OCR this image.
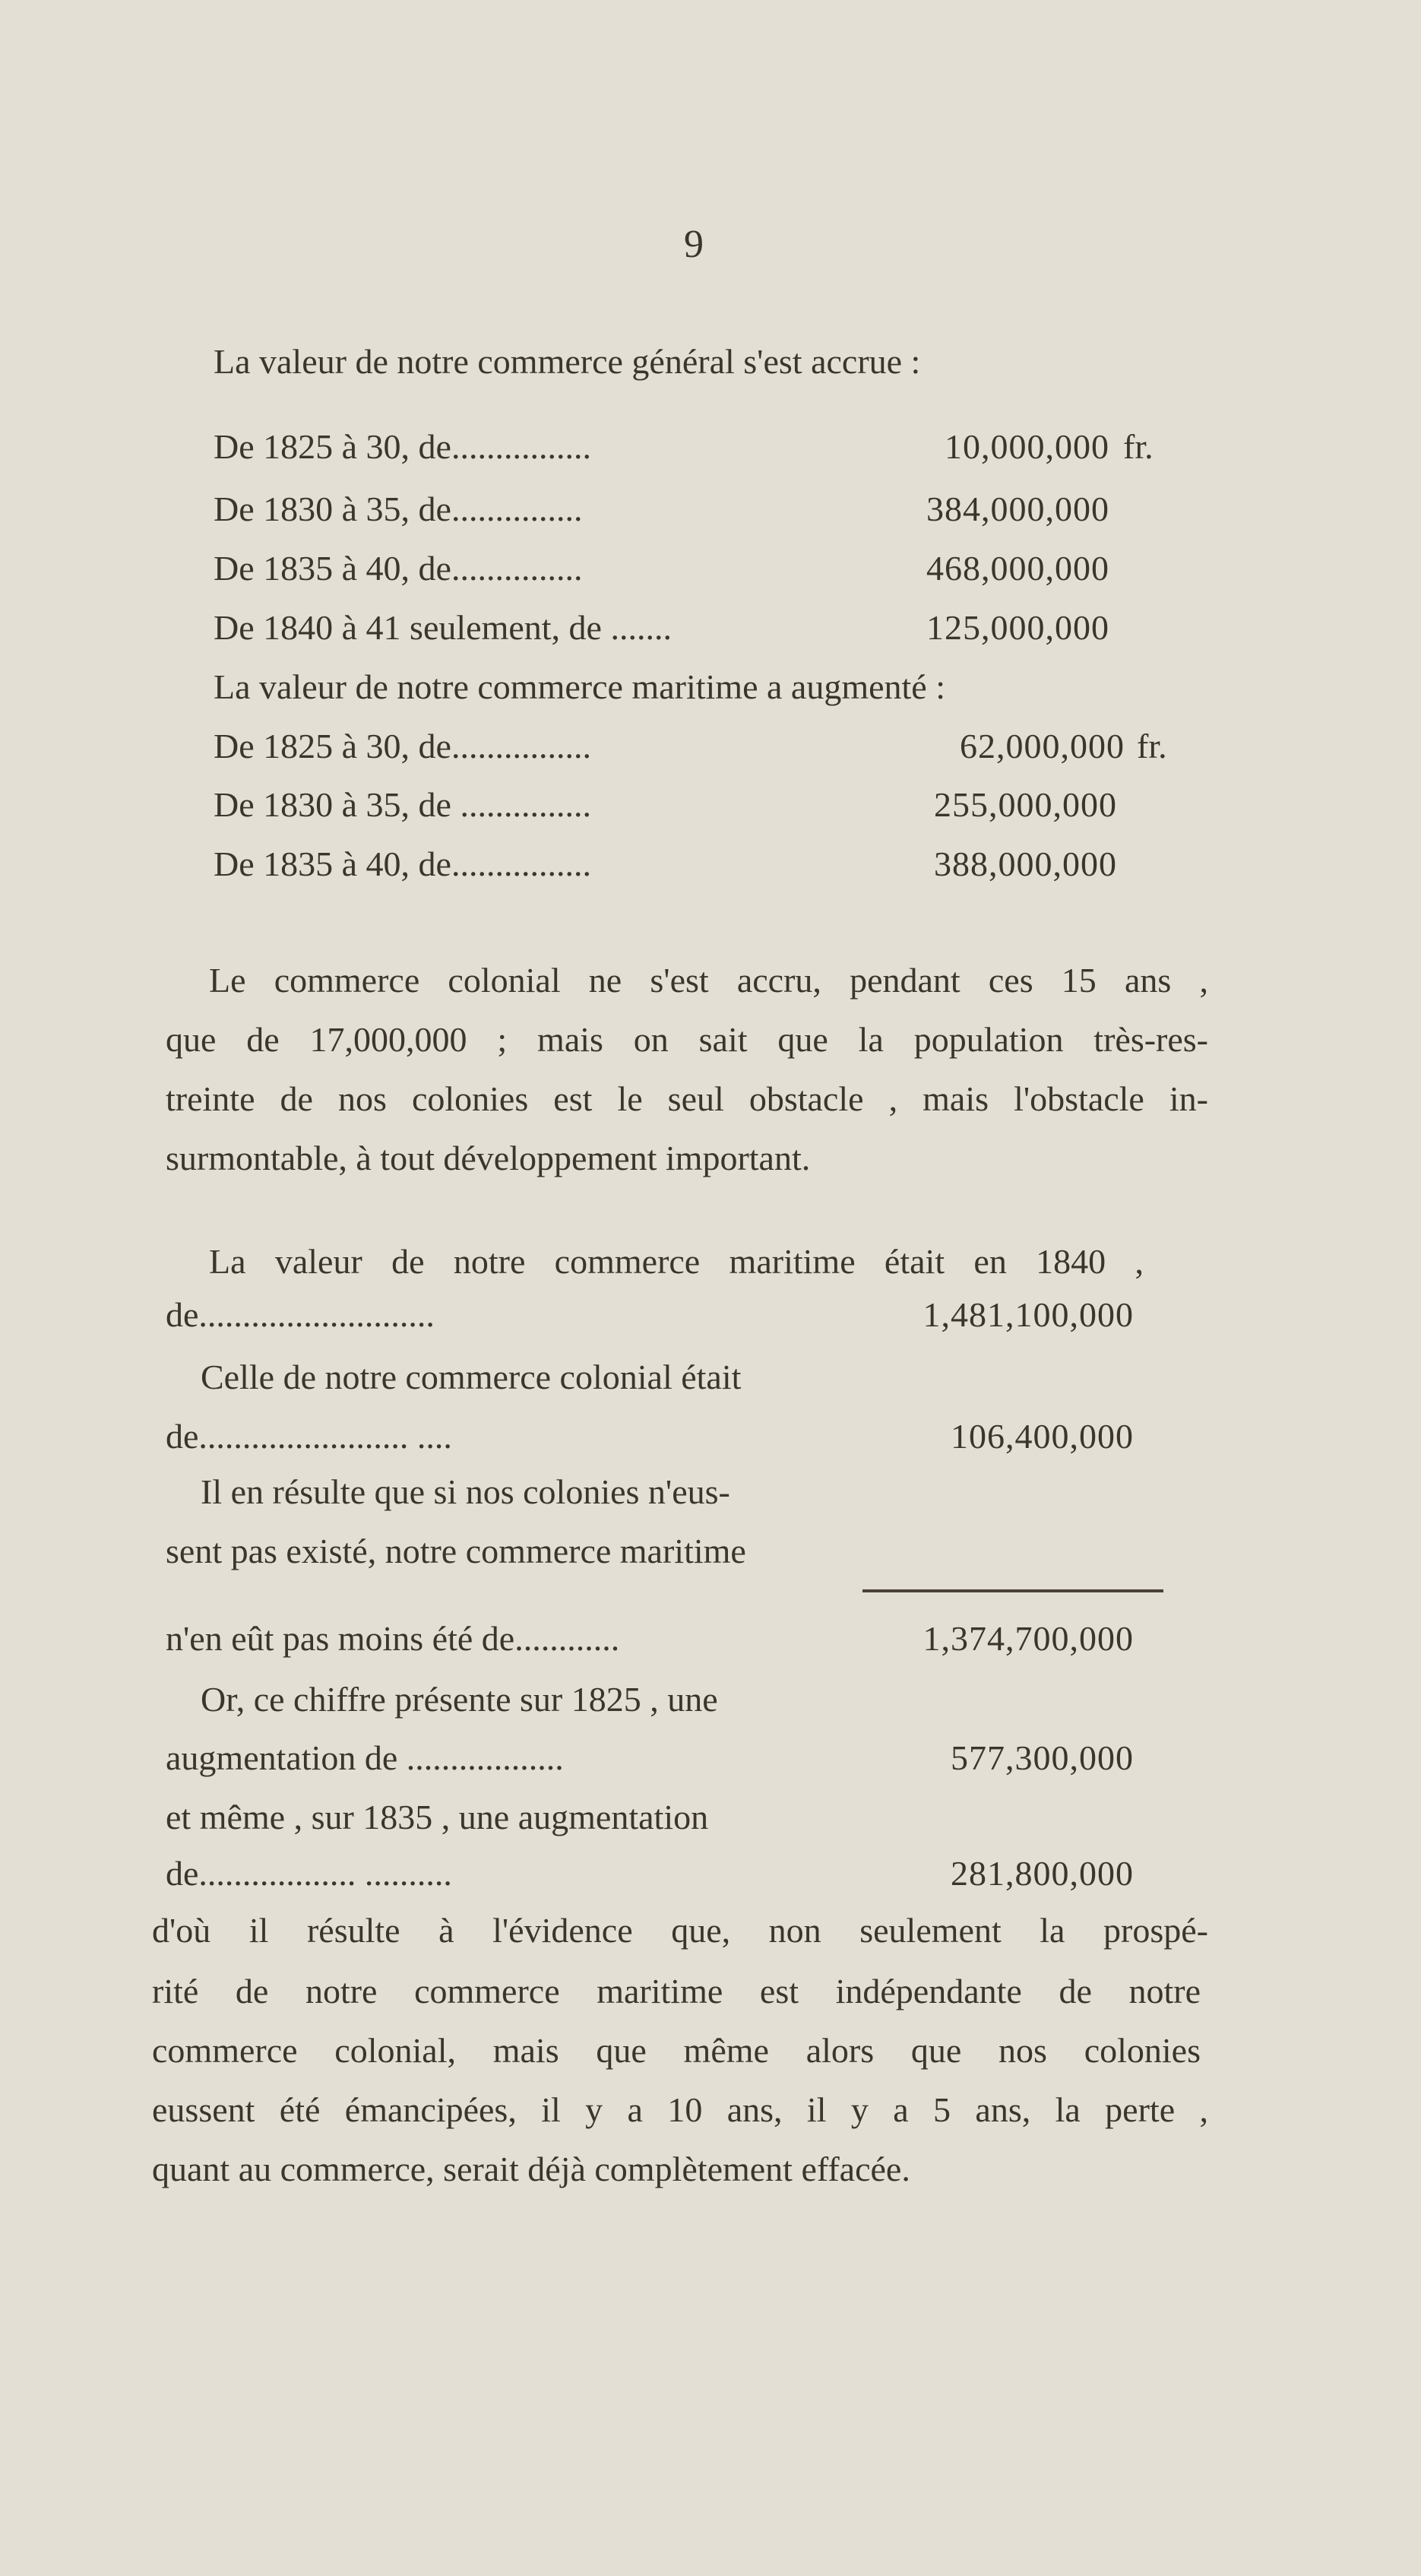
9
La valeur de notre commerce général s'est accrue :
De 1825 à 30, de................	10,000,000 fr.
De 1830 à 35, de...............	384,000,000
De 1835 à 40, de...............	468,000,000
De 1840 à 41 seulement, de .......	125,000,000
La valeur de notre commerce maritime a augmenté :
De 1825 à 30, de................	62,000,000 fr.
De 1830 à 35, de ...............	255,000,000
De 1835 à 40, de................	388,000,000
Le commerce colonial ne s'est accru, pendant ces 15 ans ,
que de 17,000,000 ; mais on sait que la population très-res-
treinte de nos colonies est le seul obstacle , mais l'obstacle in-
surmontable, à tout développement important.
La valeur de notre commerce maritime était en 1840 ,
de...........................	1,481,100,000
Celle de notre commerce colonial était
de........................ ....	106,400,000
Il en résulte que si nos colonies n'eus-
sent pas existé, notre commerce maritime
n'en eût pas moins été de............	1,374,700,000
Or, ce chiffre présente sur 1825 , une
augmentation de ..................	577,300,000
et même , sur 1835 , une augmentation
de.................. ..........	281,800,000
d'où il résulte à l'évidence que, non seulement la prospé-
rité de notre commerce maritime est indépendante de notre
commerce colonial, mais que même alors que nos colonies
eussent été émancipées, il y a 10 ans, il y a 5 ans, la perte ,
quant au commerce, serait déjà complètement effacée.
